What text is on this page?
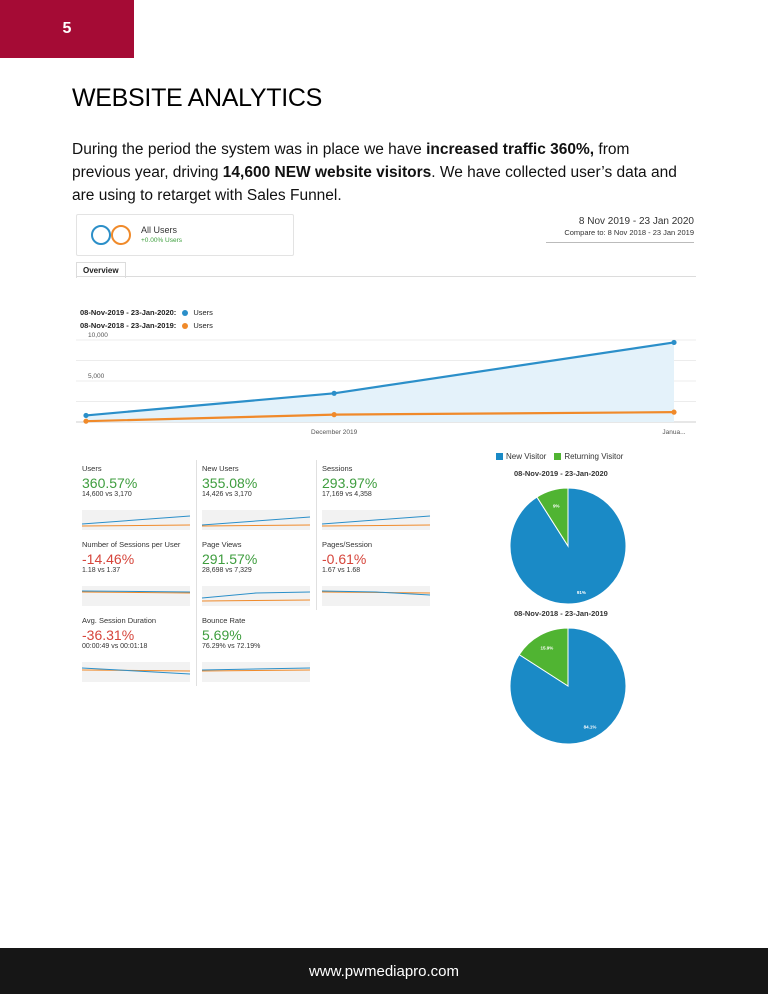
5
WEBSITE ANALYTICS

During the period the system was in place we have increased traffic 360%, from previous year, driving 14,600 NEW website visitors. We have collected user’s data and are using to retarget with Sales Funnel.

All Users
+0.00% Users
8 Nov 2019 - 23 Jan 2020
Compare to: 8 Nov 2018 - 23 Jan 2019
Overview
08-Nov-2019 - 23-Jan-2020: Users
08-Nov-2018 - 23-Jan-2019: Users
10,000
5,000
December 2019	Janua...
Users
360.57%
14,600 vs 3,170
New Users
355.08%
14,426 vs 3,170
Sessions
293.97%
17,169 vs 4,358
Number of Sessions per User
-14.46%
1.18 vs 1.37
Page Views
291.57%
28,698 vs 7,329
Pages/Session
-0.61%
1.67 vs 1.68
Avg. Session Duration
-36.31%
00:00:49 vs 00:01:18
Bounce Rate
5.69%
76.29% vs 72.19%
New Visitor Returning Visitor
08-Nov-2019 - 23-Jan-2020
91%
9%
08-Nov-2018 - 23-Jan-2019
84.1%
15.9%
www.pwmediapro.com
